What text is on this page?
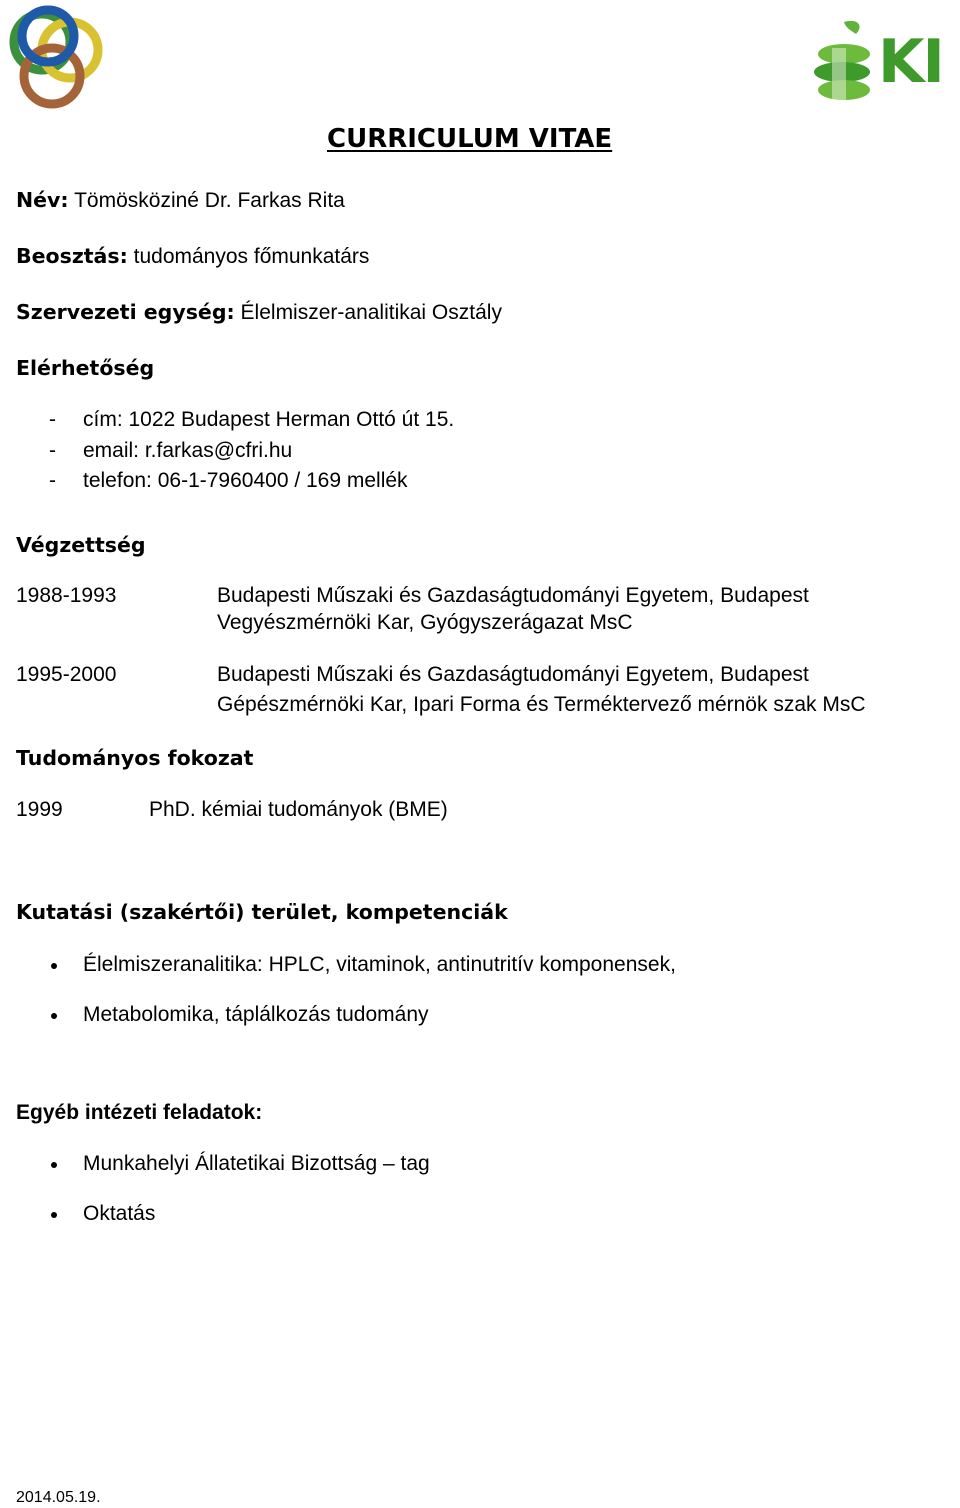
KI
CURRICULUM VITAE
Név: Tömösköziné Dr. Farkas Rita
Beosztás: tudományos főmunkatárs
Szervezeti egység: Élelmiszer-analitikai Osztály
Elérhetőség
- cím: 1022 Budapest Herman Ottó út 15.
- email: r.farkas@cfri.hu
- telefon: 06-1-7960400 / 169 mellék
Végzettség
1988-1993	Budapesti Műszaki és Gazdaságtudományi Egyetem, Budapest
Vegyészmérnöki Kar, Gyógyszerágazat MsC
1995-2000	Budapesti Műszaki és Gazdaságtudományi Egyetem, Budapest
Gépészmérnöki Kar, Ipari Forma és Terméktervező mérnök szak MsC
Tudományos fokozat
1999	PhD. kémiai tudományok (BME)
Kutatási (szakértői) terület, kompetenciák
Élelmiszeranalitika: HPLC, vitaminok, antinutritív komponensek,
Metabolomika, táplálkozás tudomány
Egyéb intézeti feladatok:
Munkahelyi Állatetikai Bizottság – tag
Oktatás
2014.05.19.
